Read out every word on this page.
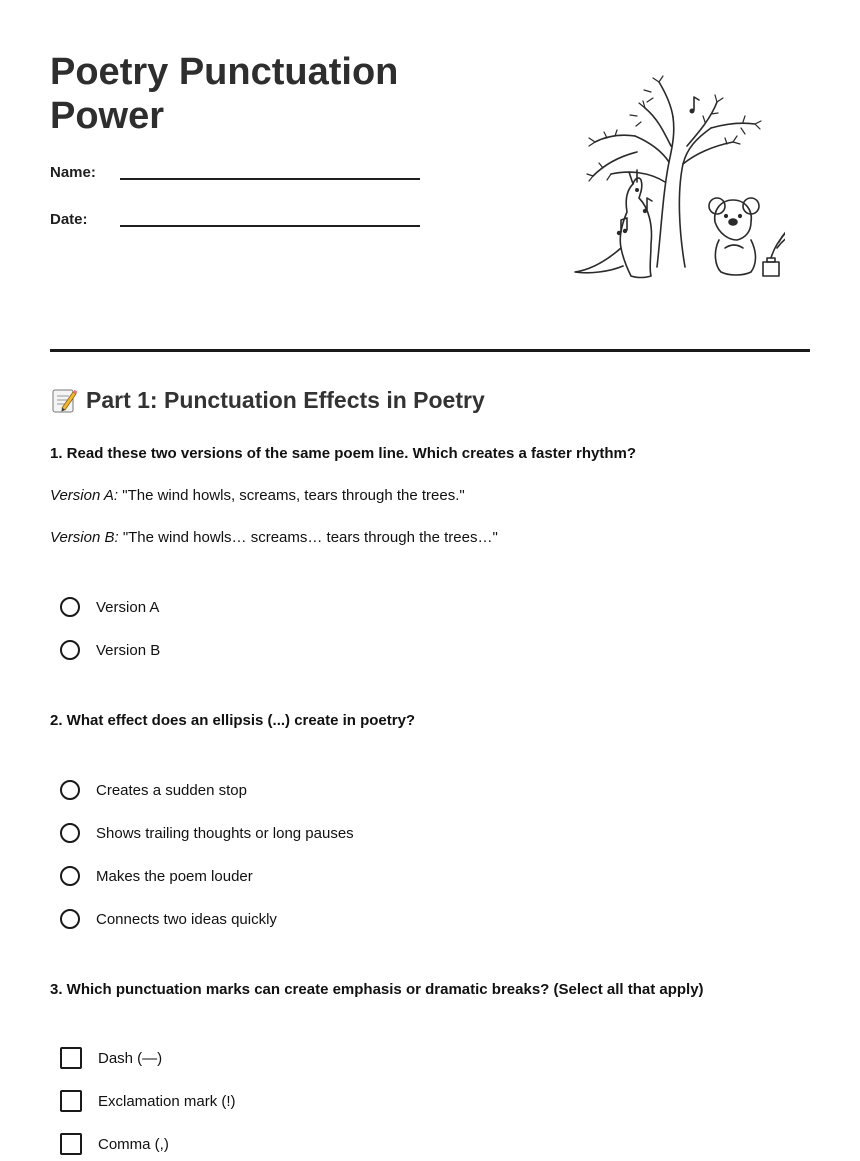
Poetry Punctuation Power
Name:
Date:
Part 1: Punctuation Effects in Poetry

1. Read these two versions of the same poem line. Which creates a faster rhythm?

Version A: "The wind howls, screams, tears through the trees."

Version B: "The wind howls… screams… tears through the trees…"

Version A
Version B

2. What effect does an ellipsis (...) create in poetry?

Creates a sudden stop
Shows trailing thoughts or long pauses
Makes the poem louder
Connects two ideas quickly

3. Which punctuation marks can create emphasis or dramatic breaks? (Select all that apply)

Dash (—)
Exclamation mark (!)
Comma (,)
